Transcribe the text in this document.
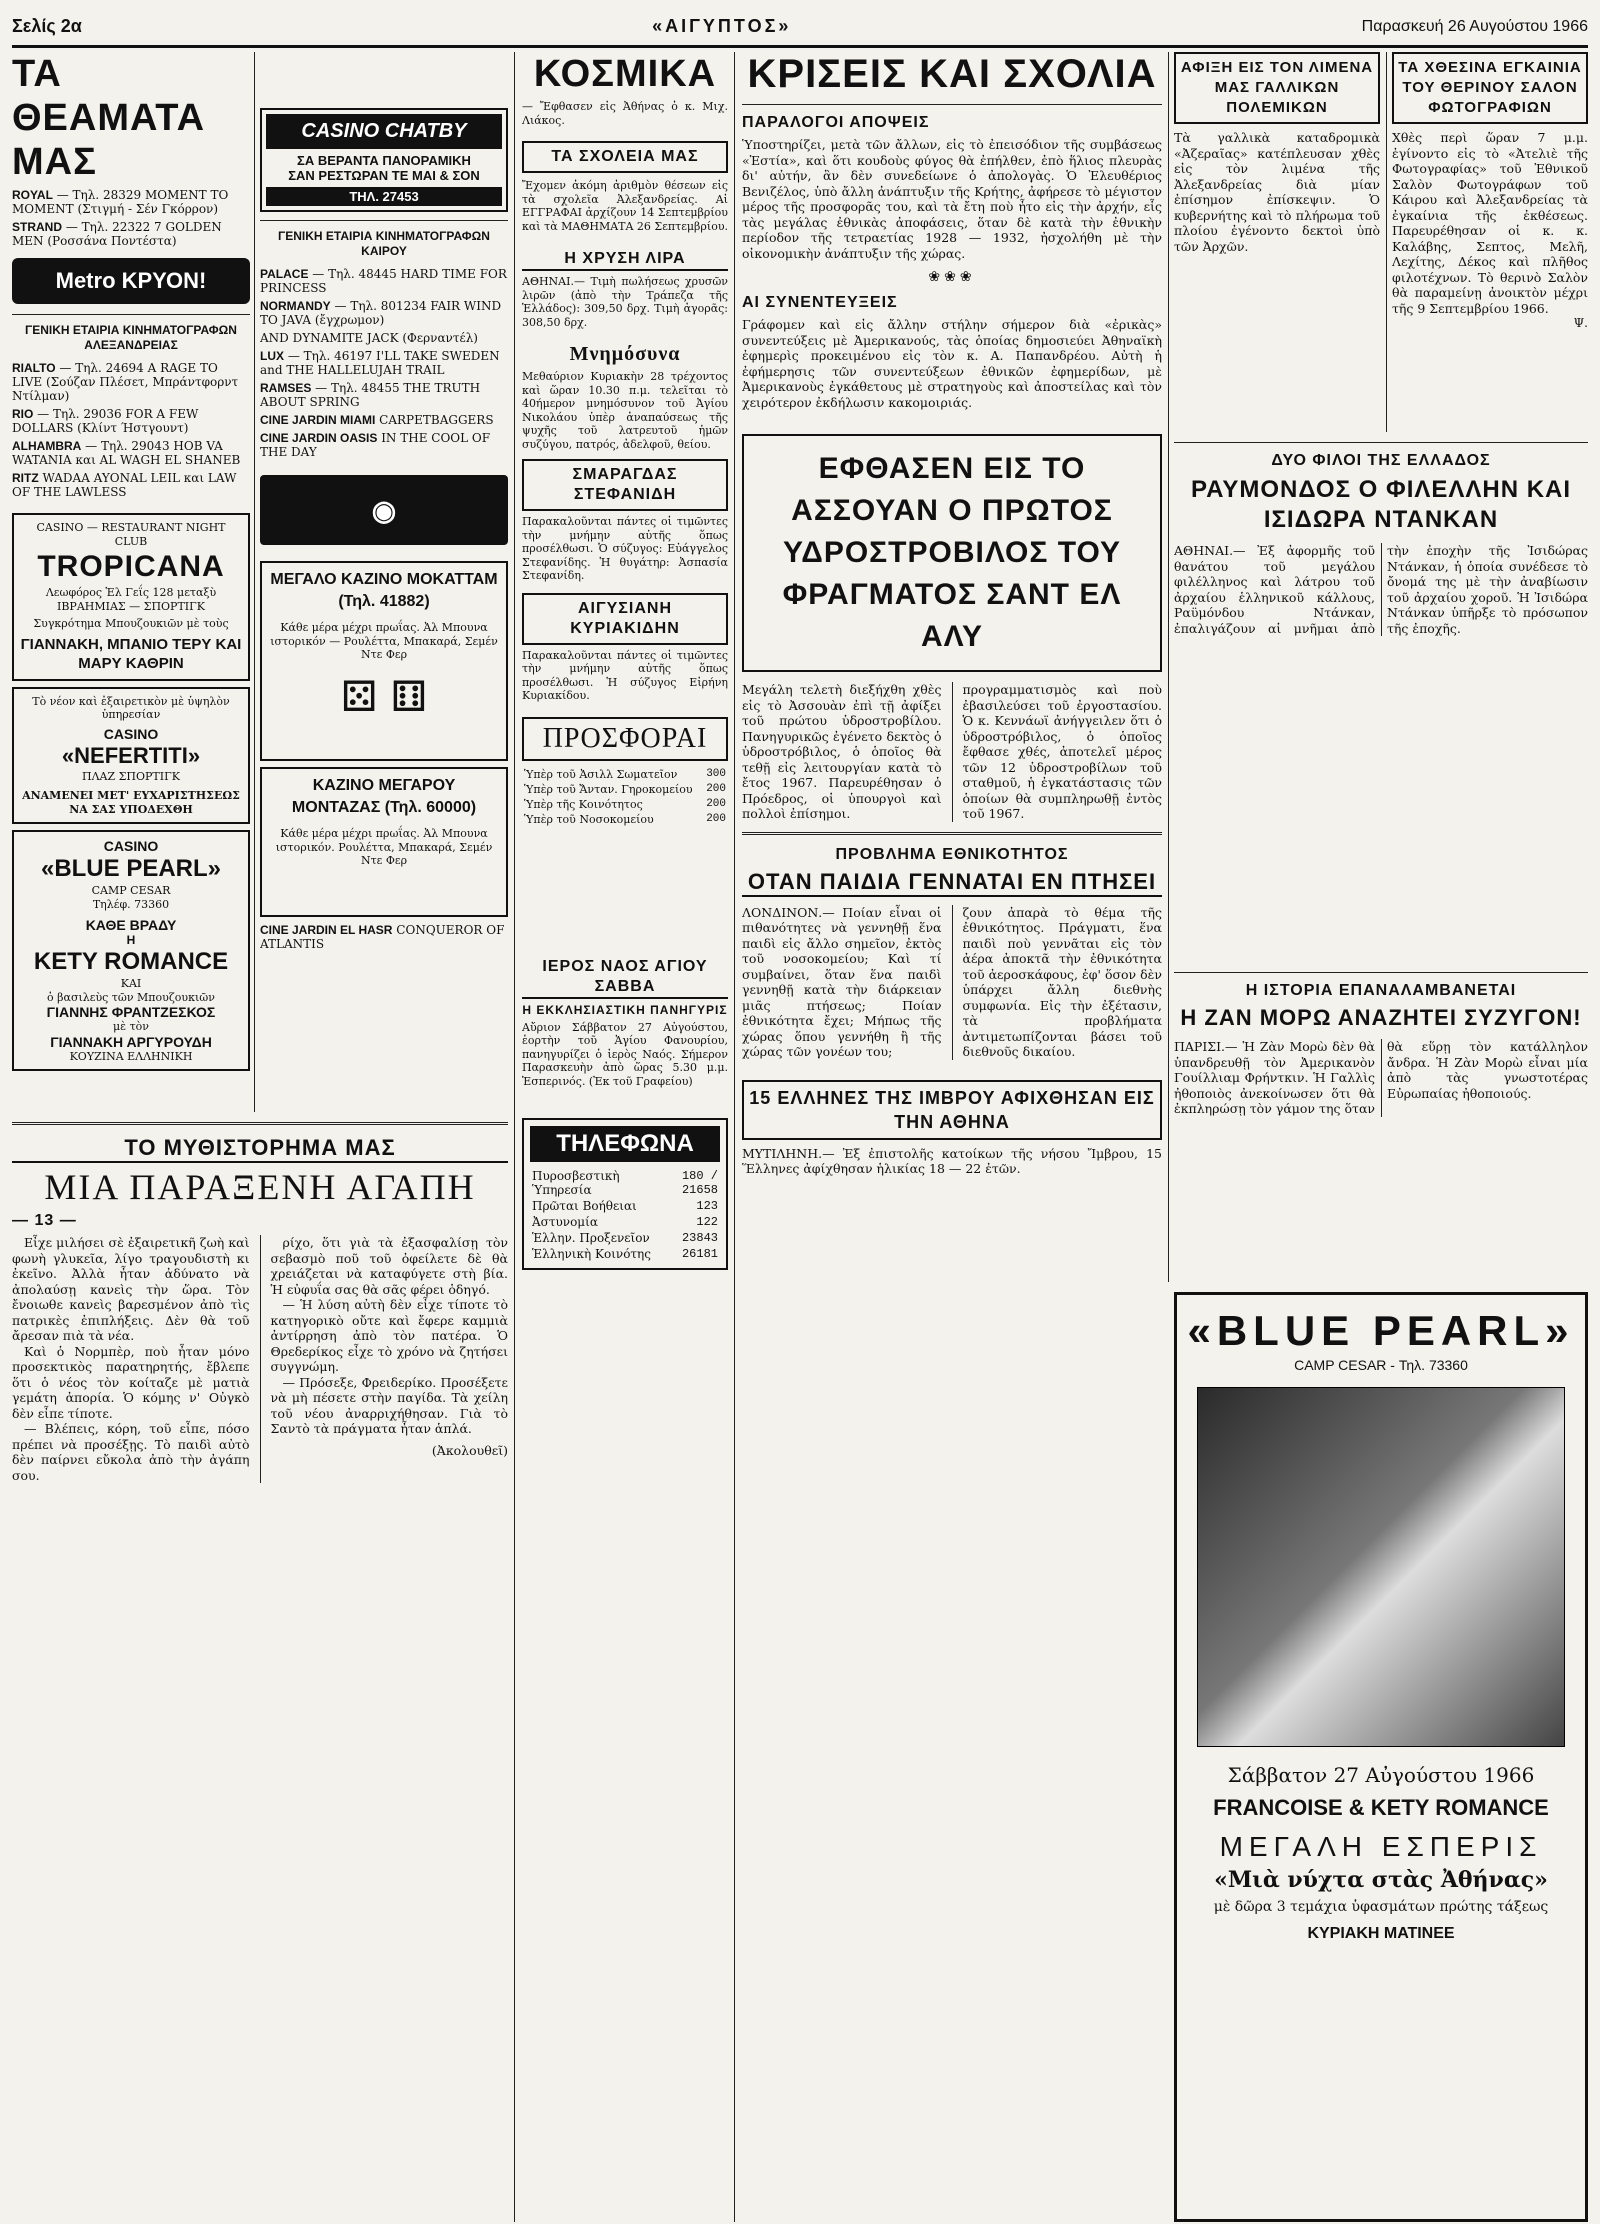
Σελίς 2α	«ΑΙΓΥΠΤΟΣ»	Παρασκευή 26 Αυγούστου 1966
ΤΑ ΘΕΑΜΑΤΑ ΜΑΣ
ROYAL — Τηλ. 28329 MOMENT TO MOMENT (Στιγμή - Σέν Γκόρρον)
STRAND — Τηλ. 22322 7 GOLDEN MEN (Ρoσσάνα Ποντέστα)
Metro ΚΡΥΟΝ!
ΓΕΝΙΚΗ ΕΤΑΙΡΙΑ ΚΙΝΗΜΑΤΟΓΡΑΦΩΝ ΑΛΕΞΑΝΔΡΕΙΑΣ
RIALTO — Τηλ. 24694 A RAGE TO LIVE (Σούζαν Πλέσετ, Μπράντφορντ Ντίλμαν)
RIO — Τηλ. 29036 FOR A FEW DOLLARS (Κλίντ Ήστγουντ)
ALHAMBRA — Τηλ. 29043 HOB VA WATANIA και AL WAGH EL SHANEB
RITZ WADAA AYONAL LEIL και LAW OF THE LAWLESS
CASINO — RESTAURANT NIGHT CLUB
TROPICANA
Λεωφόρος Ἑλ Γεΐς 128 μεταξὺ ΙΒΡΑΗΜΙΑΣ — ΣΠΟΡΤΙΓΚ
Συγκρότημα Μπουζουκιῶν μὲ τοὺς
ΓΙΑΝΝΑΚΗ, ΜΠΑΝΙΟ ΤΕΡΥ ΚΑΙ ΜΑΡΥ ΚΑΘΡΙΝ
Τὸ νέον καὶ ἐξαιρετικὸν μὲ ὑψηλὸν ὑπηρεσίαν
CASINO
«NEFERTITI»
ΠΛΑΖ ΣΠΟΡΤΙΓΚ
ΑΝΑΜΕΝΕΙ ΜΕΤ' ΕΥΧΑΡΙΣΤΗΣΕΩΣ ΝΑ ΣΑΣ ΥΠΟΔΕΧΘΗ
CASINO
«BLUE PEARL»
CAMP CESAR
Τηλέφ. 73360
ΚΑΘΕ ΒΡΑΔΥ
Η
KETY ROMANCE
ΚΑΙ
ὁ βασιλεὺς τῶν Μπουζουκιῶν
ΓΙΑΝΝΗΣ ΦΡΑΝΤΖΕΣΚΟΣ
μὲ τὸν
ΓΙΑΝΝΑΚΗ ΑΡΓΥΡΟΥΔΗ
ΚΟΥΖΙΝΑ ΕΛΛΗΝΙΚΗ
CASINO CHATBY
ΣΑ ΒΕΡΑΝΤΑ ΠΑΝΟΡΑΜΙΚΗ
ΣΑΝ ΡΕΣΤΩΡΑΝ ΤΕ ΜΑΙ & ΣΟΝ
ΤΗΛ. 27453
ΓΕΝΙΚΗ ΕΤΑΙΡΙΑ ΚΙΝΗΜΑΤΟΓΡΑΦΩΝ ΚΑΙΡΟΥ
PALACE — Τηλ. 48445 HARD TIME FOR PRINCESS
NORMANDY — Τηλ. 801234 FAIR WIND TO JAVA (ἔγχρωμον)
AND DYNAMITE JACK (Φερναντέλ)
LUX — Τηλ. 46197 I'LL TAKE SWEDEN and THE HALLELUJAH TRAIL
RAMSES — Τηλ. 48455 THE TRUTH ABOUT SPRING
CINE JARDIN MIAMI CARPETBAGGERS
CINE JARDIN OASIS IN THE COOL OF THE DAY
◉
ΜΕΓΑΛΟ ΚΑΖΙΝΟ ΜΟΚΑΤΤΑΜ (Τηλ. 41882)
Κάθε μέρα μέχρι πρωΐας. Ἀλ Μπουνα ιστορικόν — Ρουλέττα, Μπακαρά, Σεμέν Ντε Φερ
⚄ ⚅
ΚΑΖΙΝΟ ΜΕΓΑΡΟΥ ΜΟΝΤΑΖΑΣ (Τηλ. 60000)
Κάθε μέρα μέχρι πρωΐας. Ἀλ Μπουνα ιστορικόν. Ρουλέττα, Μπακαρά, Σεμέν Ντε Φερ
CINE JARDIN EL HASR CONQUEROR OF ATLANTIS
ΤΟ ΜΥΘΙΣΤΟΡΗΜΑ ΜΑΣ
ΜΙΑ ΠΑΡΑΞΕΝΗ ΑΓΑΠΗ
— 13 —

Εἶχε μιλήσει σὲ ἐξαιρετικῆ ζωὴ καὶ φωνὴ γλυκεῖα, λίγο τραγουδιστὴ κι ἐκεῖνο. Ἀλλὰ ἦταν ἀδύνατο νὰ ἀπολαύσῃ κανεὶς τὴν ὥρα. Τὸν ἔνοιωθε κανεὶς βαρεσμένον ἀπὸ τὶς πατρικὲς ἐπιπλήξεις. Δὲν θὰ τοῦ ἄρεσαν πιὰ τὰ νέα.

Καὶ ὁ Νορμπὲρ, ποὺ ἦταν μόνο προσεκτικὸς παρατηρητής, ἔβλεπε ὅτι ὁ νέος τὸν κοίταζε μὲ ματιὰ γεμάτη ἀπορία. Ὁ κόμης ν' Οὐγκὸ δὲν εἶπε τίποτε.

— Βλέπεις, κόρη, τοῦ εἶπε, πόσο πρέπει νὰ προσέξῃς. Τὸ παιδὶ αὐτὸ δὲν παίρνει εὔκολα ἀπὸ τὴν ἀγάπη σου.

ρίχο, ὅτι γιὰ τὰ ἐξασφαλίσῃ τὸν σεβασμὸ ποῦ τοῦ ὀφείλετε δὲ θὰ χρειάζεται νὰ καταφύγετε στὴ βία. Ἡ εὐφυΐα σας θὰ σᾶς φέρει ὁδηγό.

— Ἡ λύση αὐτὴ δὲν εἶχε τίποτε τὸ κατηγορικὸ οὔτε καὶ ἔφερε καμμιὰ ἀντίρρηση ἀπὸ τὸν πατέρα. Ὁ Θρεδερίκος εἶχε τὸ χρόνο νὰ ζητήσει συγγνώμη.

— Πρόσεξε, Φρειδερίκο. Προσέξετε νὰ μὴ πέσετε στὴν παγίδα. Τὰ χείλη τοῦ νέου ἀναρριχήθησαν. Γιὰ τὸ Σαντὸ τὰ πράγματα ἦταν ἁπλά.

(Ἀκολουθεῖ)

ΚΟΣΜΙΚΑ
— Ἔφθασεν εἰς Ἀθήνας ὁ κ. Μιχ. Λιάκος.
ΤΑ ΣΧΟΛΕΙΑ ΜΑΣ
Ἔχομεν ἀκόμη ἀριθμὸν θέσεων εἰς τὰ σχολεῖα Ἀλεξανδρείας. Αἱ ΕΓΓΡΑΦΑΙ ἀρχίζουν 14 Σεπτεμβρίου καὶ τὰ ΜΑΘΗΜΑΤΑ 26 Σεπτεμβρίου.
Η ΧΡΥΣΗ ΛΙΡΑ
ΑΘΗΝΑΙ.— Τιμὴ πωλήσεως χρυσῶν λιρῶν (ἀπὸ τὴν Τράπεζα τῆς Ἑλλάδος): 309,50 δρχ. Τιμὴ ἀγορᾶς: 308,50 δρχ.
Μνημόσυνα
Μεθαύριον Κυριακὴν 28 τρέχοντος καὶ ὥραν 10.30 π.μ. τελεῖται τὸ 40ήμερον μνημόσυνον τοῦ Ἀγίου Νικολάου ὑπὲρ ἀναπαύσεως τῆς ψυχῆς τοῦ λατρευτοῦ ἡμῶν συζύγου, πατρός, ἀδελφοῦ, θείου.
ΣΜΑΡΑΓΔΑΣ ΣΤΕΦΑΝΙΔΗ
Παρακαλοῦνται πάντες οἱ τιμῶντες τὴν μνήμην αὐτῆς ὅπως προσέλθωσι. Ὁ σύζυγος: Εὐάγγελος Στεφανίδης. Ἡ θυγάτηρ: Ἀσπασία Στεφανίδη.
ΑΙΓΥΣΙΑΝΗ ΚΥΡΙΑΚΙΔΗΝ
Παρακαλοῦνται πάντες οἱ τιμῶντες τὴν μνήμην αὐτῆς ὅπως προσέλθωσι. Ἡ σύζυγος Εἰρήνη Κυριακίδου.
ΠΡΟΣΦΟΡΑΙ
Ὑπὲρ τοῦ Ἀσιλλ Σωματεῖον	300
Ὑπὲρ τοῦ Ἄνταν. Γηροκομείου	200
Ὑπὲρ τῆς Κοινότητος	200
Ὑπὲρ τοῦ Νοσοκομείου	200
ΙΕΡΟΣ ΝΑΟΣ ΑΓΙΟΥ ΣΑΒΒΑ
Η ΕΚΚΛΗΣΙΑΣΤΙΚΗ ΠΑΝΗΓΥΡΙΣ
Αὔριον Σάββατον 27 Αὐγούστου, ἑορτὴν τοῦ Ἁγίου Φανουρίου, πανηγυρίζει ὁ ἱερὸς Ναός. Σήμερον Παρασκευὴν ἀπὸ ὥρας 5.30 μ.μ. Ἑσπερινός. (Ἐκ τοῦ Γραφείου)
ΤΗΛΕΦΩΝΑ
Πυροσβεστικὴ Ὑπηρεσία	180 / 21658
Πρῶται Βοήθειαι	123
Ἀστυνομία	122
Ἑλλην. Προξενεῖον	23843
Ἑλληνικὴ Κοινότης	26181
ΚΡΙΣΕΙΣ ΚΑΙ ΣΧΟΛΙΑ
ΠΑΡΑΛΟΓΟΙ ΑΠΟΨΕΙΣ
Ὑποστηρίζει, μετὰ τῶν ἄλλων, εἰς τὸ ἐπεισόδιον τῆς συμβάσεως «Ἑστία», καὶ ὅτι κουδοὺς φύγος θὰ ἐπήλθεν, ἐπὸ ἥλιος πλευρὰς δι' αὐτήν, ἂν δὲν συνεδείωνε ὁ ἀπολογὰς. Ὁ Ἐλευθέριος Βενιζέλος, ὑπὸ ἄλλη ἀνάπτυξιν τῆς Κρήτης, ἀφήρεσε τὸ μέγιστον μέρος τῆς προσφορᾶς του, καὶ τὰ ἔτη ποὺ ἦτο εἰς τὴν ἀρχήν, εἷς τὰς μεγάλας ἐθνικὰς ἀποφάσεις, ὅταν δὲ κατὰ τὴν ἐθνικὴν περίοδον τῆς τετραετίας 1928 — 1932, ἠσχολήθη μὲ τὴν οἰκονομικὴν ἀνάπτυξιν τῆς χώρας.
❀❀❀
ΑΙ ΣΥΝΕΝΤΕΥΞΕΙΣ
Γράφομεν καὶ εἰς ἄλλην στήλην σήμερον διὰ «ἐρικὰς» συνεντεύξεις μὲ Ἀμερικανούς, τὰς ὁποίας δημοσιεύει Ἀθηναϊκὴ ἐφημερὶς προκειμένου εἰς τὸν κ. Α. Παπανδρέου. Αὐτὴ ἡ ἐφήμερησις τῶν συνεντεύξεων ἐθνικῶν ἐφημερίδων, μὲ Ἀμερικανοὺς ἐγκάθετους μὲ στρατηγοὺς καὶ ἀποστείλας καὶ τὸν χειρότερον ἐκδήλωσιν κακομοιριάς.
ΕΦΘΑΣΕΝ ΕΙΣ ΤΟ ΑΣΣΟΥΑΝ Ο ΠΡΩΤΟΣ ΥΔΡΟΣΤΡΟΒΙΛΟΣ ΤΟΥ ΦΡΑΓΜΑΤΟΣ ΣΑΝΤ ΕΛ ΑΛΥ
Μεγάλη τελετὴ διεξήχθη χθὲς εἰς τὸ Ἀσσουὰν ἐπὶ τῇ ἀφίξει τοῦ πρώτου ὑδροστροβίλου. Πανηγυρικῶς ἐγένετο δεκτὸς ὁ ὑδροστρόβιλος, ὁ ὁποῖος θὰ τεθῇ εἰς λειτουργίαν κατὰ τὸ ἔτος 1967. Παρευρέθησαν ὁ Πρόεδρος, οἱ ὑπουργοὶ καὶ πολλοὶ ἐπίσημοι.
προγραμματισμὸς καὶ ποὺ ἐβασιλεύσει τοῦ ἐργοστασίου. Ὁ κ. Κεννάωϊ ἀνήγγειλεν ὅτι ὁ ὑδροστρόβιλος, ὁ ὁποῖος ἔφθασε χθές, ἀποτελεῖ μέρος τῶν 12 ὑδροστροβίλων τοῦ σταθμοῦ, ἡ ἐγκατάστασις τῶν ὁποίων θὰ συμπληρωθῇ ἐντὸς τοῦ 1967.
ΠΡΟΒΛΗΜΑ ΕΘΝΙΚΟΤΗΤΟΣ
ΟΤΑΝ ΠΑΙΔΙΑ ΓΕΝΝΑΤΑΙ ΕΝ ΠΤΗΣΕΙ
ΛΟΝΔΙΝΟΝ.— Ποίαν εἶναι οἱ πιθανότητες νὰ γεννηθῇ ἕνα παιδὶ εἰς ἄλλο σημεῖον, ἐκτὸς τοῦ νοσοκομείου; Καὶ τί συμβαίνει, ὅταν ἕνα παιδὶ γεννηθῇ κατὰ τὴν διάρκειαν μιᾶς πτήσεως; Ποίαν ἐθνικότητα ἔχει; Μήπως τῆς χώρας ὅπου γεννήθη ἢ τῆς χώρας τῶν γονέων του;
ζουν ἀπαρὰ τὸ θέμα τῆς ἐθνικότητος. Πράγματι, ἕνα παιδὶ ποὺ γεννᾶται εἰς τὸν ἀέρα ἀποκτᾶ τὴν ἐθνικότητα τοῦ ἀεροσκάφους, ἐφ' ὅσον δὲν ὑπάρχει ἄλλη διεθνὴς συμφωνία. Εἰς τὴν ἐξέτασιν, τὰ προβλήματα ἀντιμετωπίζονται βάσει τοῦ διεθνοῦς δικαίου.
15 ΕΛΛΗΝΕΣ ΤΗΣ ΙΜΒΡΟΥ ΑΦΙΧΘΗΣΑΝ ΕΙΣ ΤΗΝ ΑΘΗΝΑ
ΜΥΤΙΛΗΝΗ.— Ἐξ ἐπιστολῆς κατοίκων τῆς νήσου Ἴμβρου, 15 Ἕλληνες ἀφίχθησαν ἡλικίας 18 — 22 ἐτῶν.
ΑΦΙΞΗ ΕΙΣ ΤΟΝ ΛΙΜΕΝΑ ΜΑΣ ΓΑΛΛΙΚΩΝ ΠΟΛΕΜΙΚΩΝ
Τὰ γαλλικὰ καταδρομικὰ «Ἀζεραῖας» κατέπλευσαν χθὲς εἰς τὸν λιμένα τῆς Ἀλεξανδρείας διὰ μίαν ἐπίσημον ἐπίσκεψιν. Ὁ κυβερνήτης καὶ τὸ πλήρωμα τοῦ πλοίου ἐγένοντο δεκτοὶ ὑπὸ τῶν Ἀρχῶν.
ΤΑ ΧΘΕΣΙΝΑ ΕΓΚΑΙΝΙΑ ΤΟΥ ΘΕΡΙΝΟΥ ΣΑΛΟΝ ΦΩΤΟΓΡΑΦΙΩΝ
Χθὲς περὶ ὥραν 7 μ.μ. ἐγίνοντο εἰς τὸ «Ἀτελιὲ τῆς Φωτογραφίας» τοῦ Ἐθνικοῦ Σαλὸν Φωτογράφων τοῦ Κάιρου καὶ Ἀλεξανδρείας τὰ ἐγκαίνια τῆς ἐκθέσεως. Παρευρέθησαν οἱ κ. κ. Καλάβης, Σεπτος, Μελῆ, Λεχίτης, Δέκος καὶ πλῆθος φιλοτέχνων. Τὸ θερινὸ Σαλὸν θὰ παραμείνῃ ἀνοικτὸν μέχρι τῆς 9 Σεπτεμβρίου 1966.
Ψ.
ΔΥΟ ΦΙΛΟΙ ΤΗΣ ΕΛΛΑΔΟΣ
ΡΑΥΜΟΝΔΟΣ Ο ΦΙΛΕΛΛΗΝ ΚΑΙ ΙΣΙΔΩΡΑ ΝΤΑΝΚΑΝ
ΑΘΗΝΑΙ.— Ἐξ ἀφορμῆς τοῦ θανάτου τοῦ μεγάλου φιλέλληνος καὶ λάτρου τοῦ ἀρχαίου ἑλληνικοῦ κάλλους, Ραϋμόνδου Ντάνκαν, ἐπαλιγάζουν αἱ μνῆμαι ἀπὸ τὴν ἐποχὴν τῆς Ἰσιδώρας Ντάνκαν, ἡ ὁποία συνέδεσε τὸ ὄνομά της μὲ τὴν ἀναβίωσιν τοῦ ἀρχαίου χοροῦ. Ἡ Ἰσιδώρα Ντάνκαν ὑπῆρξε τὸ πρόσωπον τῆς ἐποχῆς.
Η ΙΣΤΟΡΙΑ ΕΠΑΝΑΛΑΜΒΑΝΕΤΑΙ
Η ΖΑΝ ΜΟΡΩ ΑΝΑΖΗΤΕΙ ΣΥΖΥΓΟΝ!
ΠΑΡΙΣΙ.— Ἡ Ζὰν Μορὼ δὲν θὰ ὑπανδρευθῇ τὸν Ἀμερικανὸν Γουίλλιαμ Φρήντκιν. Ἡ Γαλλὶς ἠθοποιὸς ἀνεκοίνωσεν ὅτι θὰ ἐκπληρώσῃ τὸν γάμον της ὅταν θὰ εὕρῃ τὸν κατάλληλον ἄνδρα. Ἡ Ζὰν Μορὼ εἶναι μία ἀπὸ τὰς γνωστοτέρας Εὐρωπαίας ἠθοποιούς.
«BLUE PEARL»
CAMP CESAR - Τηλ. 73360
Σάββατον 27 Αὐγούστου 1966
FRANCOISE & KETY ROMANCE
ΜΕΓΑΛΗ ΕΣΠΕΡΙΣ
«Μιὰ νύχτα στὰς Ἀθήνας»
μὲ δῶρα 3 τεμάχια ὑφασμάτων πρώτης τάξεως
ΚΥΡΙΑΚΗ ΜΑΤΙΝΕΕ
